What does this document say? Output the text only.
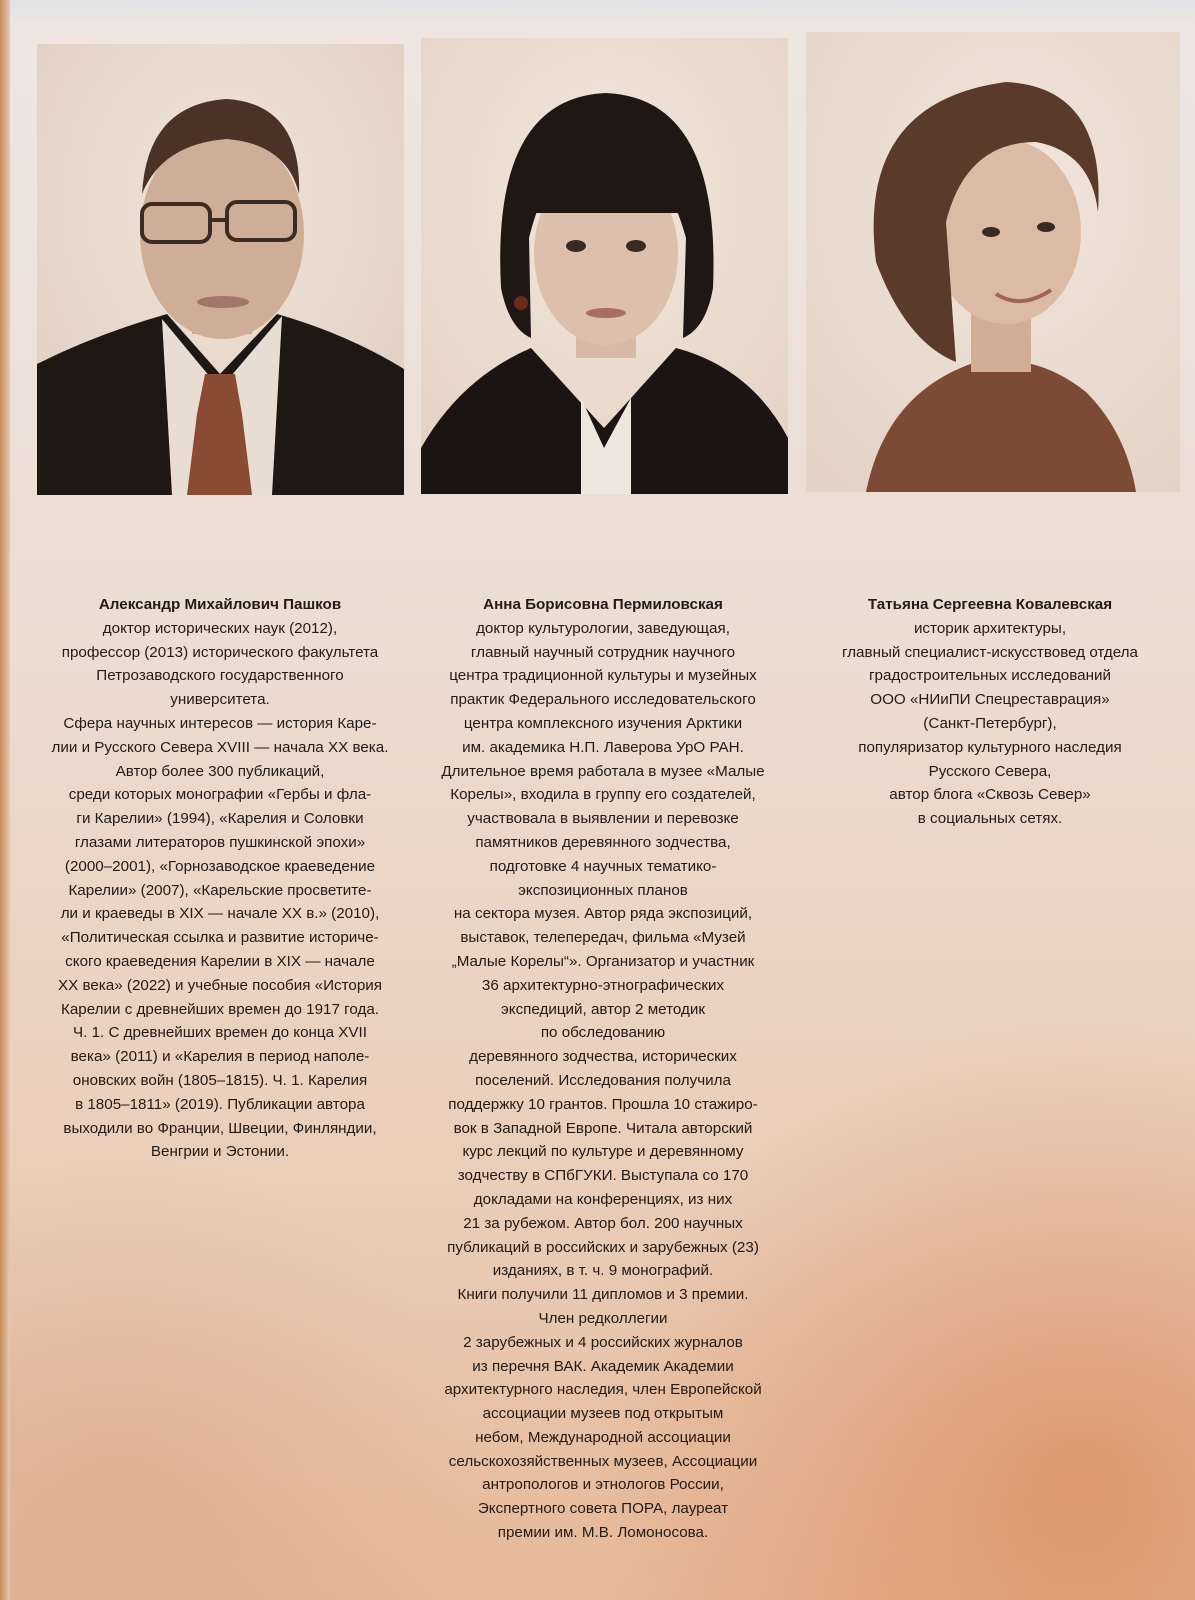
Александр Михайлович Пашков
доктор исторических наук (2012),
профессор (2013) исторического факультета
Петрозаводского государственного
университета.
Сфера научных интересов — история Каре-
лии и Русского Севера XVIII — начала XX века.
Автор более 300 публикаций,
среди которых монографии «Гербы и фла-
ги Карелии» (1994), «Карелия и Соловки
глазами литераторов пушкинской эпохи»
(2000–2001), «Горнозаводское краеведение
Карелии» (2007), «Карельские просветите-
ли и краеведы в XIX — начале XX в.» (2010),
«Политическая ссылка и развитие историче-
ского краеведения Карелии в XIX — начале
XX века» (2022) и учебные пособия «История
Карелии с древнейших времен до 1917 года.
Ч. 1. С древнейших времен до конца XVII
века» (2011) и «Карелия в период наполе-
оновских войн (1805–1815). Ч. 1. Карелия
в 1805–1811» (2019). Публикации автора
выходили во Франции, Швеции, Финляндии,
Венгрии и Эстонии.
Анна Борисовна Пермиловская
доктор культурологии, заведующая,
главный научный сотрудник научного
центра традиционной культуры и музейных
практик Федерального исследовательского
центра комплексного изучения Арктики
им. академика Н.П. Лаверова УрО РАН.
Длительное время работала в музее «Малые
Корелы», входила в группу его создателей,
участвовала в выявлении и перевозке
памятников деревянного зодчества,
подготовке 4 научных тематико-
экспозиционных планов
на сектора музея. Автор ряда экспозиций,
выставок, телепередач, фильма «Музей
„Малые Корелы“». Организатор и участник
36 архитектурно-этнографических
экспедиций, автор 2 методик
по обследованию
деревянного зодчества, исторических
поселений. Исследования получила
поддержку 10 грантов. Прошла 10 стажиро-
вок в Западной Европе. Читала авторский
курс лекций по культуре и деревянному
зодчеству в СПбГУКИ. Выступала со 170
докладами на конференциях, из них
21 за рубежом. Автор бол. 200 научных
публикаций в российских и зарубежных (23)
изданиях, в т. ч. 9 монографий.
Книги получили 11 дипломов и 3 премии.
Член редколлегии
2 зарубежных и 4 российских журналов
из перечня ВАК. Академик Академии
архитектурного наследия, член Европейской
ассоциации музеев под открытым
небом, Международной ассоциации
сельскохозяйственных музеев, Ассоциации
антропологов и этнологов России,
Экспертного совета ПОРА, лауреат
премии им. М.В. Ломоносова.
Татьяна Сергеевна Ковалевская
историк архитектуры,
главный специалист-искусствовед отдела
градостроительных исследований
ООО «НИиПИ Спецреставрация»
(Санкт-Петербург),
популяризатор культурного наследия
Русского Севера,
автор блога «Сквозь Север»
в социальных сетях.
